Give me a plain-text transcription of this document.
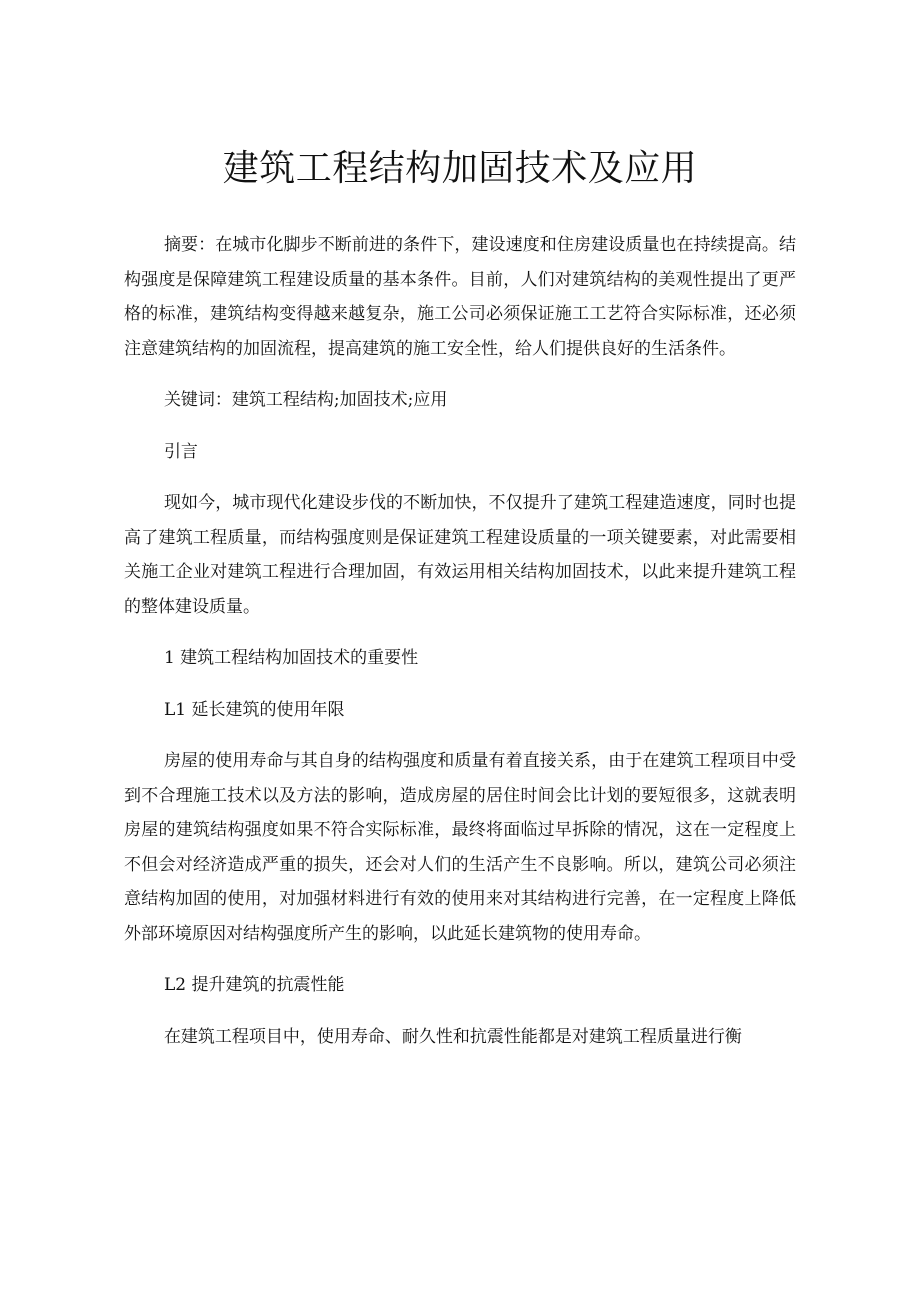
建筑工程结构加固技术及应用

摘要：在城市化脚步不断前进的条件下，建设速度和住房建设质量也在持续提高。结构强度是保障建筑工程建设质量的基本条件。目前，人们对建筑结构的美观性提出了更严格的标准，建筑结构变得越来越复杂，施工公司必须保证施工工艺符合实际标准，还必须注意建筑结构的加固流程，提高建筑的施工安全性，给人们提供良好的生活条件。

关键词：建筑工程结构;加固技术;应用

引言

现如今，城市现代化建设步伐的不断加快，不仅提升了建筑工程建造速度，同时也提高了建筑工程质量，而结构强度则是保证建筑工程建设质量的一项关键要素，对此需要相关施工企业对建筑工程进行合理加固，有效运用相关结构加固技术，以此来提升建筑工程的整体建设质量。

1 建筑工程结构加固技术的重要性

L1 延长建筑的使用年限

房屋的使用寿命与其自身的结构强度和质量有着直接关系，由于在建筑工程项目中受到不合理施工技术以及方法的影响，造成房屋的居住时间会比计划的要短很多，这就表明房屋的建筑结构强度如果不符合实际标准，最终将面临过早拆除的情况，这在一定程度上不但会对经济造成严重的损失，还会对人们的生活产生不良影响。所以，建筑公司必须注意结构加固的使用，对加强材料进行有效的使用来对其结构进行完善，在一定程度上降低外部环境原因对结构强度所产生的影响，以此延长建筑物的使用寿命。

L2 提升建筑的抗震性能

在建筑工程项目中，使用寿命、耐久性和抗震性能都是对建筑工程质量进行衡
